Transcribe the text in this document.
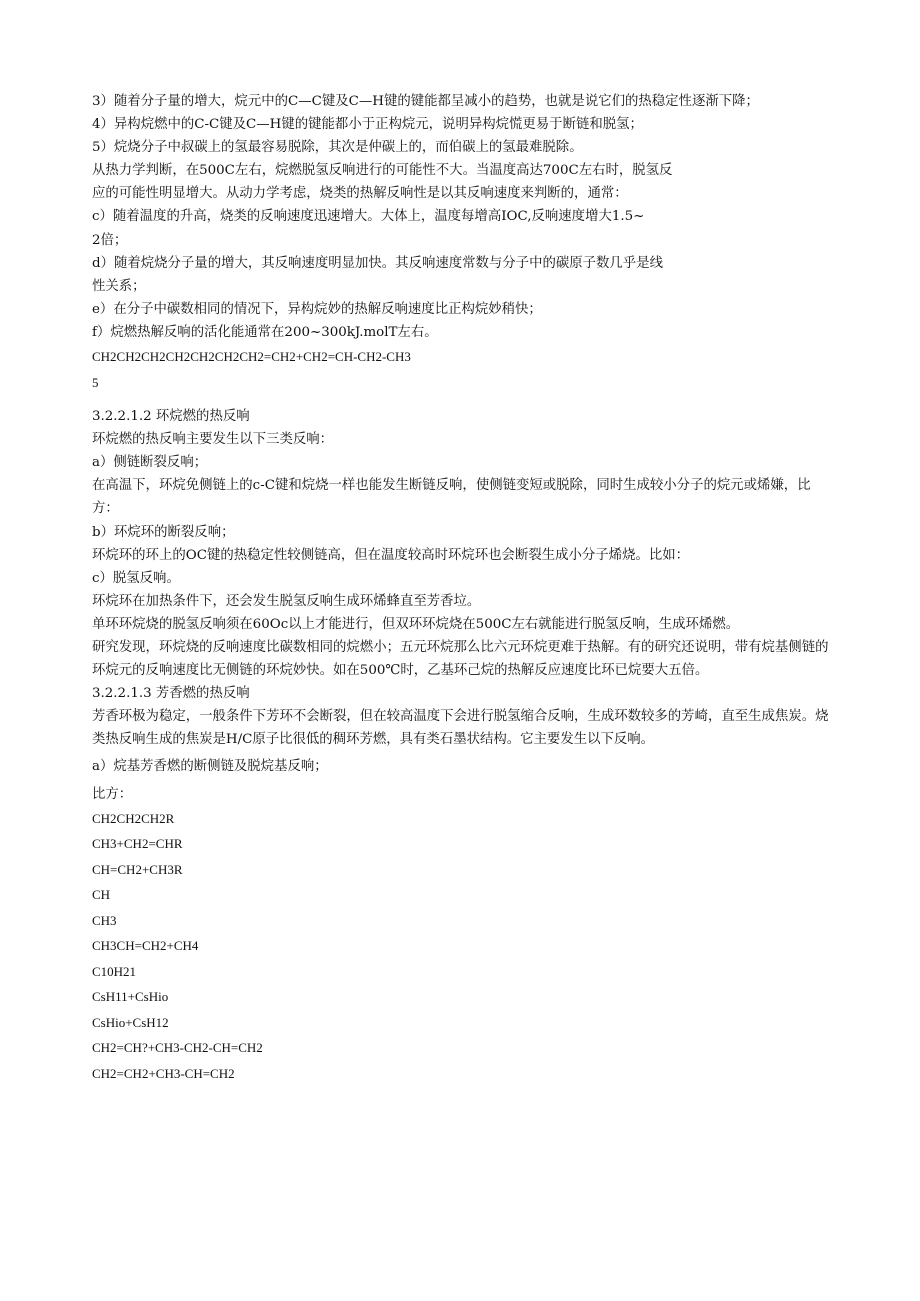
3）随着分子量的增大，烷元中的C—C键及C—H键的键能都呈减小的趋势，也就是说它们的热稳定性逐渐下降；
4）异构烷燃中的C-C键及C—H键的键能都小于正构烷元，说明异构烷慌更易于断链和脱氢；
5）烷烧分子中叔碳上的氢最容易脱除，其次是仲碳上的，而伯碳上的氢最难脱除。
从热力学判断，在500C左右，烷燃脱氢反响进行的可能性不大。当温度高达700C左右时，脱氢反
应的可能性明显增大。从动力学考虑，烧类的热解反响性是以其反响速度来判断的，通常：
c）随着温度的升高，烧类的反响速度迅速增大。大体上，温度每增高IOC,反响速度增大1.5~
2倍；
d）随着烷烧分子量的增大，其反响速度明显加快。其反响速度常数与分子中的碳原子数几乎是线
性关系；
e）在分子中碳数相同的情况下，异构烷妙的热解反响速度比正构烷妙稍快；
f）烷燃热解反响的活化能通常在200~300kJ.molT左右。
CH2CH2CH2CH2CH2CH2CH2=CH2+CH2=CH-CH2-CH3
5
3.2.2.1.2 环烷燃的热反响
环烷燃的热反响主要发生以下三类反响：
a）侧链断裂反响；
在高温下，环烷免侧链上的c-C键和烷烧一样也能发生断链反响，使侧链变短或脱除，同时生成较小分子的烷元或烯嫌，比方：
b）环烷环的断裂反响；
环烷环的环上的OC键的热稳定性较侧链高，但在温度较高时环烷环也会断裂生成小分子烯烧。比如：
c）脱氢反响。
环烷环在加热条件下，还会发生脱氢反响生成环烯蜂直至芳香垃。
单环环烷烧的脱氢反响须在60Oc以上才能进行，但双环环烷烧在500C左右就能进行脱氢反响，生成环烯燃。
研究发现，环烷烧的反响速度比碳数相同的烷燃小；五元环烷那么比六元环烷更难于热解。有的研究还说明，带有烷基侧链的环烷元的反响速度比无侧链的环烷妙快。如在500℃时，乙基环己烷的热解反应速度比环已烷要大五倍。
3.2.2.1.3 芳香燃的热反响
芳香环极为稳定，一般条件下芳环不会断裂，但在较高温度下会进行脱氢缩合反响，生成环数较多的芳崎，直至生成焦炭。烧类热反响生成的焦炭是H/C原子比很低的稠环芳燃，具有类石墨状结构。它主要发生以下反响。
a）烷基芳香燃的断侧链及脱烷基反响；
比方：
CH2CH2CH2R
CH3+CH2=CHR
CH=CH2+CH3R
CH
CH3
CH3CH=CH2+CH4
C10H21
CsH11+CsHio
CsHio+CsH12
CH2=CH?+CH3-CH2-CH=CH2
CH2=CH2+CH3-CH=CH2
